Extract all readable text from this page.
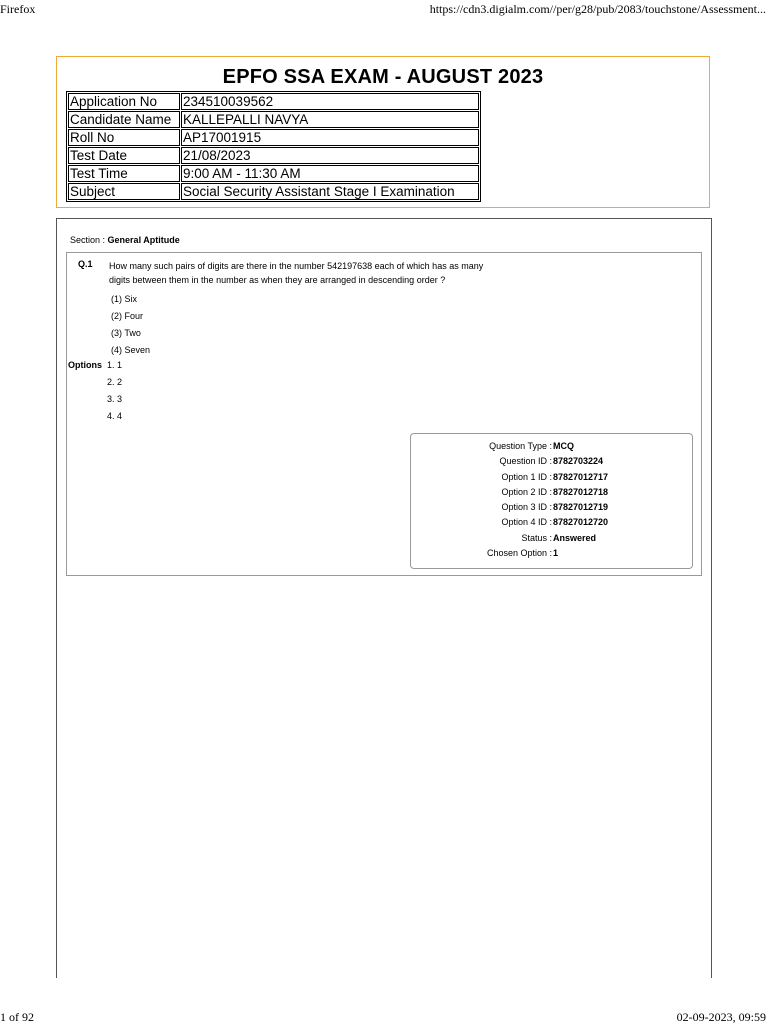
Firefox	https://cdn3.digialm.com//per/g28/pub/2083/touchstone/Assessment...
EPFO SSA EXAM - AUGUST 2023
Application No	234510039562
Candidate Name	KALLEPALLI NAVYA
Roll No	AP17001915
Test Date	21/08/2023
Test Time	9:00 AM - 11:30 AM
Subject	Social Security Assistant Stage I Examination
Section : General Aptitude
Q.1 How many such pairs of digits are there in the number 542197638 each of which has as many
digits between them in the number as when they are arranged in descending order ?
(1) Six
(2) Four
(3) Two
(4) Seven
Options 1. 1
2. 2
3. 3
4. 4
Question Type : MCQ
Question ID : 8782703224
Option 1 ID : 87827012717
Option 2 ID : 87827012718
Option 3 ID : 87827012719
Option 4 ID : 87827012720
Status : Answered
Chosen Option : 1
1 of 92	02-09-2023, 09:59
